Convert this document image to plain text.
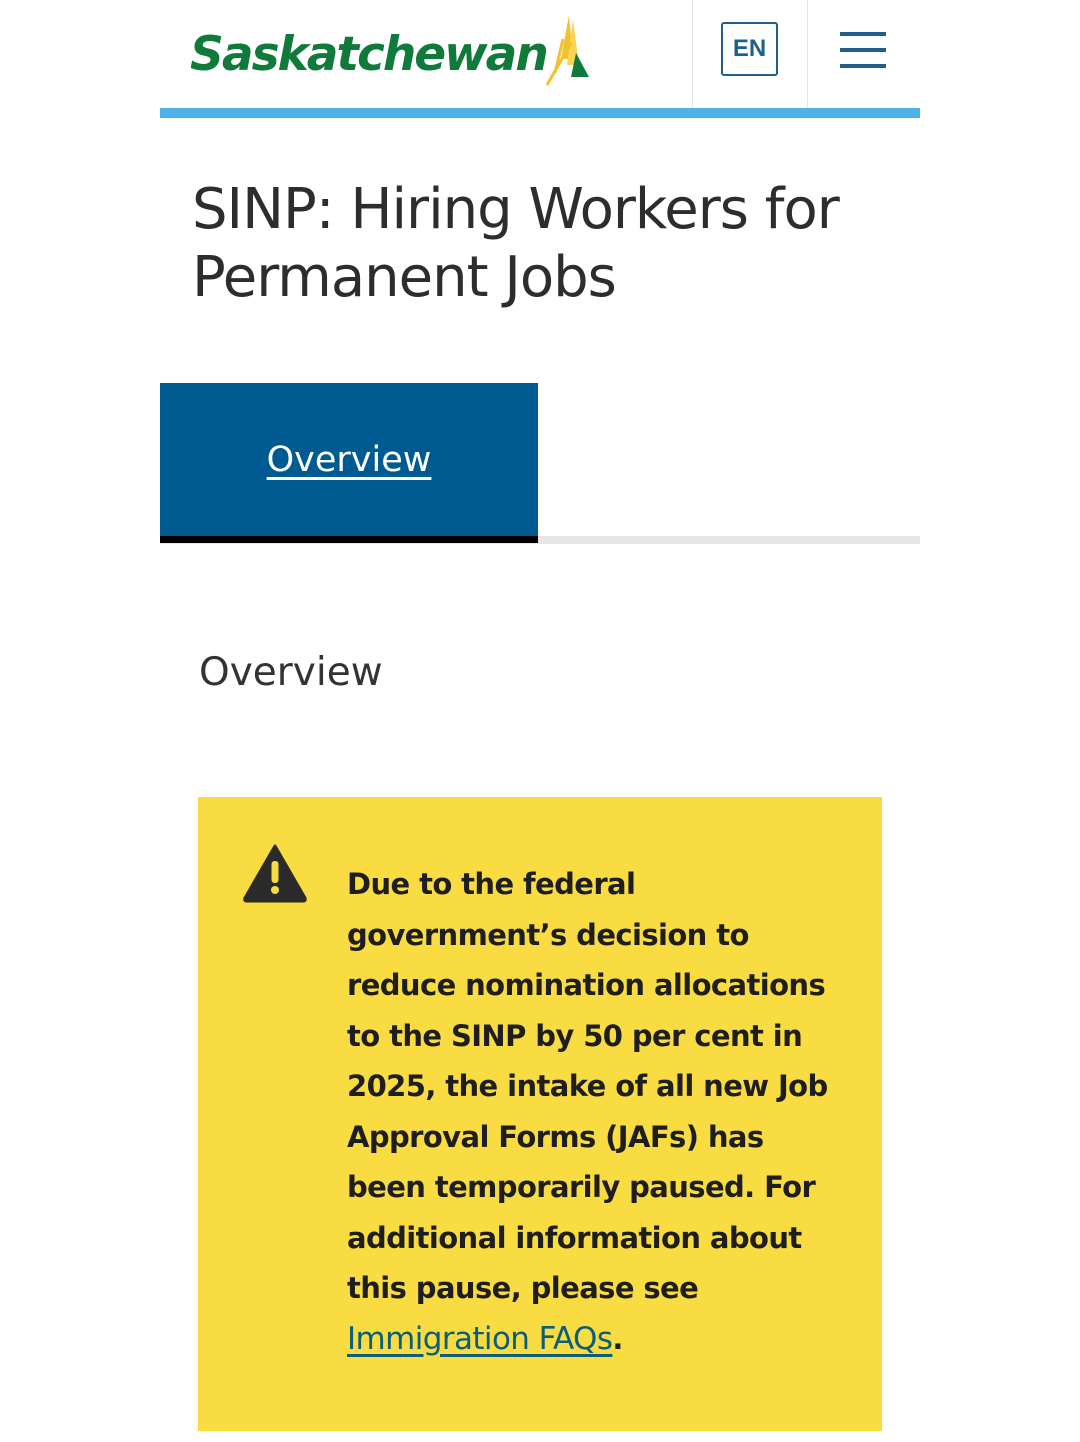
Saskatchewan	EN
SINP: Hiring Workers for Permanent Jobs
Overview
Overview

Due to the federal government’s decision to reduce nomination allocations to the SINP by 50 per cent in 2025, the intake of all new Job Approval Forms (JAFs) has been temporarily paused. For additional information about this pause, please see Immigration FAQs.
